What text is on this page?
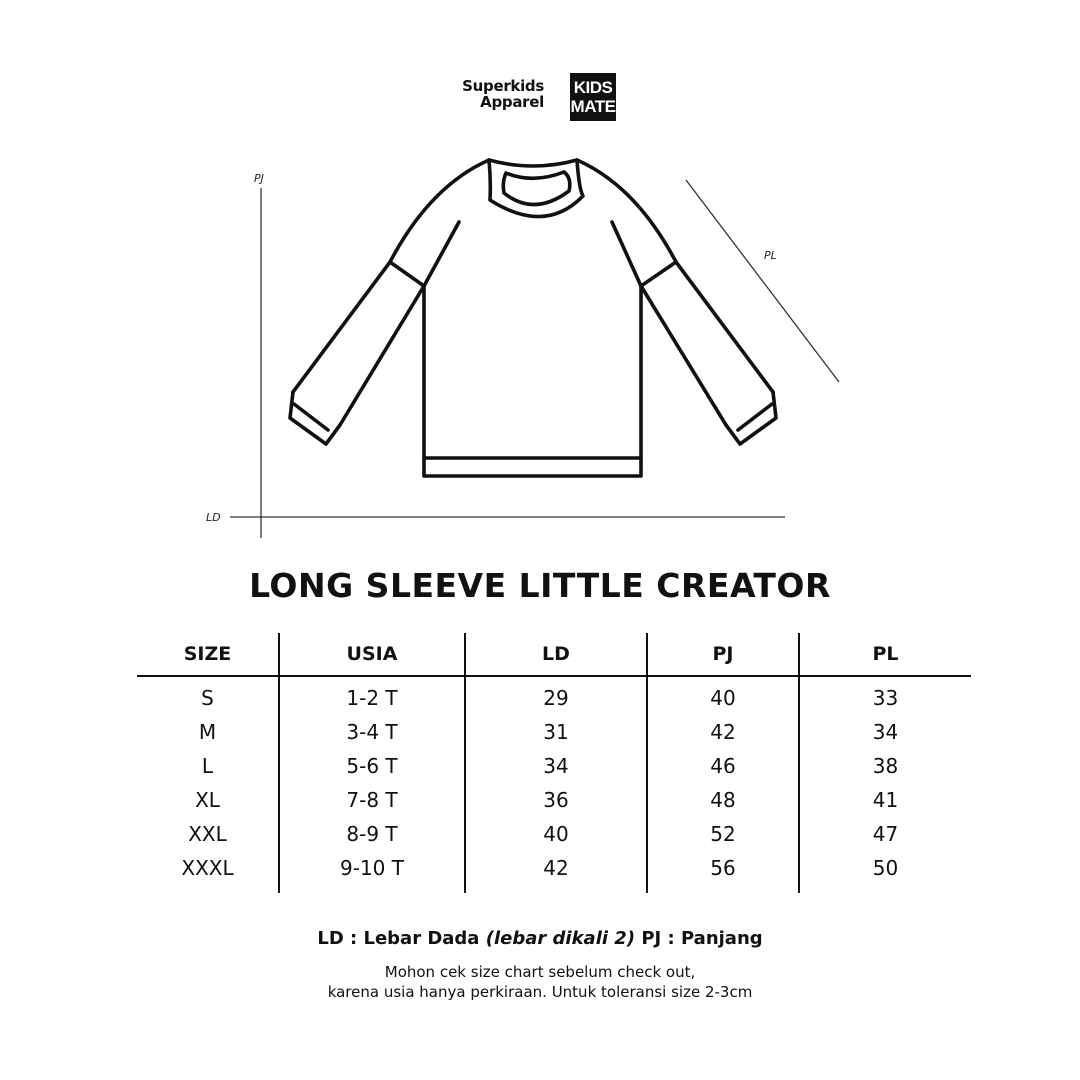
Superkids
Apparel
KIDS
MATE
PJ
PL
LD
LONG SLEEVE LITTLE CREATOR
SIZE	USIA	LD	PJ	PL
S	1-2 T	29	40	33
M	3-4 T	31	42	34
L	5-6 T	34	46	38
XL	7-8 T	36	48	41
XXL	8-9 T	40	52	47
XXXL	9-10 T	42	56	50
LD : Lebar Dada (lebar dikali 2) PJ : Panjang
Mohon cek size chart sebelum check out,
karena usia hanya perkiraan. Untuk toleransi size 2-3cm
